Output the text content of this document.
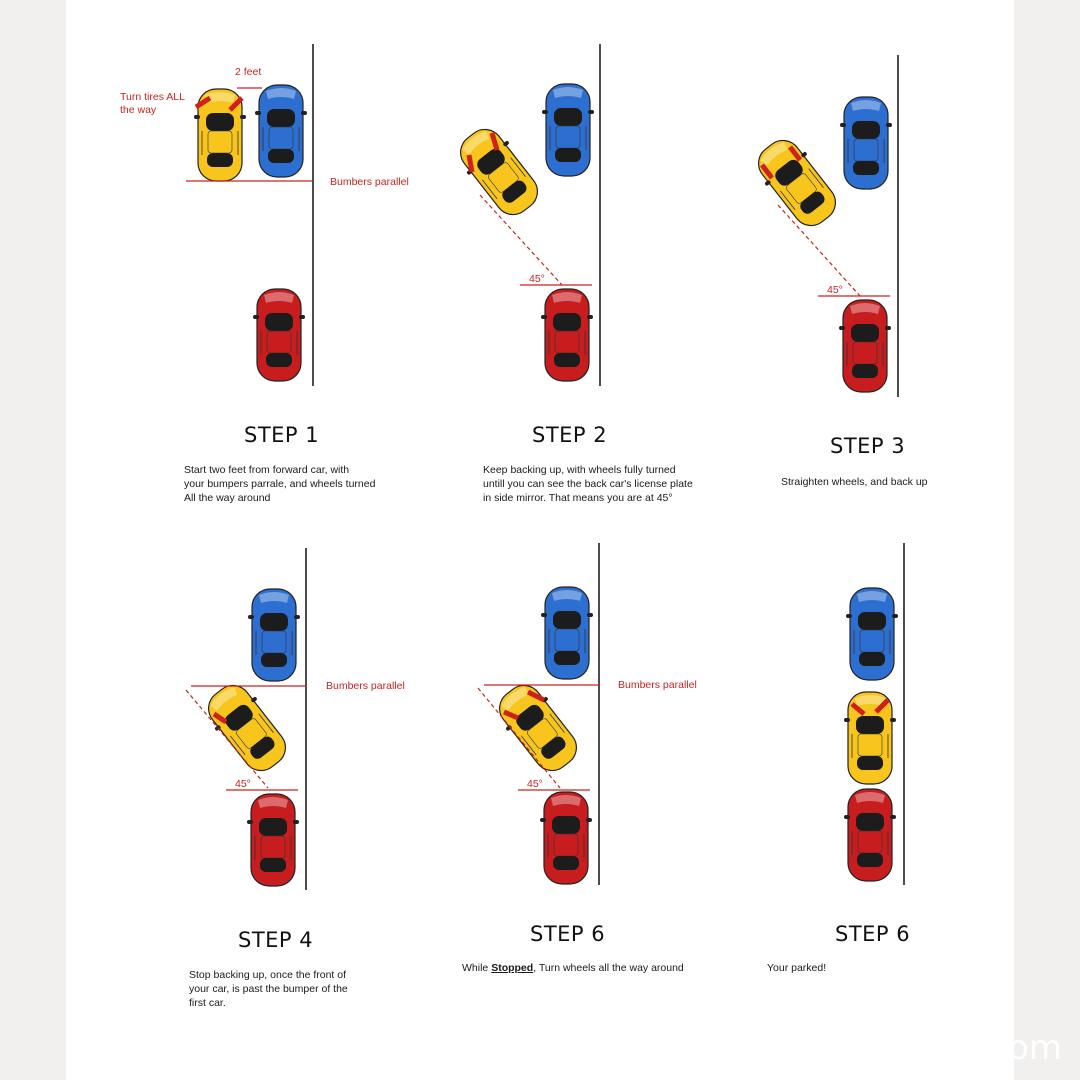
2 feet
Turn tires ALL
the way
Bumbers parallel
45°
45°
45°
Bumbers parallel
45°
Bumbers parallel
STEP 1
Start two feet from forward car, with
your bumpers parrale, and wheels turned
All the way around
STEP 2
Keep backing up, with wheels fully turned
untill you can see the back car's license plate
in side mirror. That means you are at 45°
STEP 3
Straighten wheels, and back up
STEP 4
Stop backing up, once the front of
your car, is past the bumper of the
first car.
STEP 6
While Stopped, Turn wheels all the way around
STEP 6
Your parked!
om
